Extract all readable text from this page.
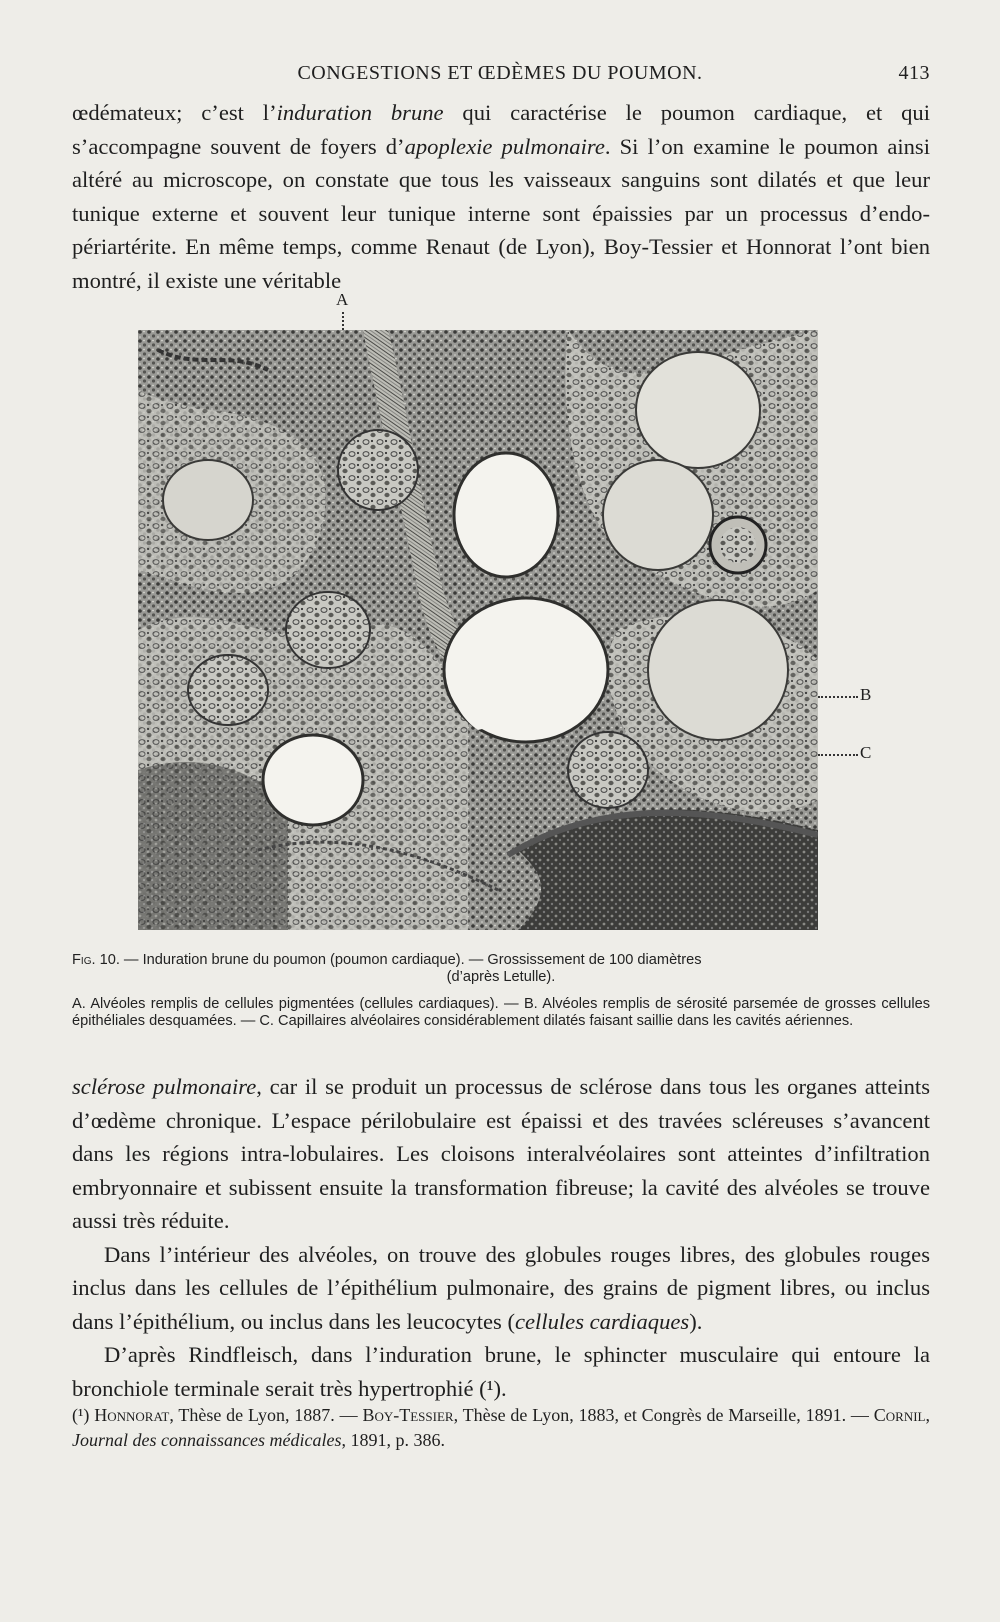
CONGESTIONS ET ŒDÈMES DU POUMON.	413

œdémateux; c’est l’induration brune qui caractérise le poumon cardiaque, et qui s’accompagne souvent de foyers d’apoplexie pulmonaire. Si l’on examine le poumon ainsi altéré au microscope, on constate que tous les vaisseaux sanguins sont dilatés et que leur tunique externe et souvent leur tunique interne sont épaissies par un processus d’endo-périartérite. En même temps, comme Renaut (de Lyon), Boy-Tessier et Honnorat l’ont bien montré, il existe une véritable

A
B
C
Fig. 10. — Induration brune du poumon (poumon cardiaque). — Grossissement de 100 diamètres
(d’après Letulle).
A. Alvéoles remplis de cellules pigmentées (cellules cardiaques). — B. Alvéoles remplis de sérosité parsemée de grosses cellules épithéliales desquamées. — C. Capillaires alvéolaires considérablement dilatés faisant saillie dans les cavités aériennes.

sclérose pulmonaire, car il se produit un processus de sclérose dans tous les organes atteints d’œdème chronique. L’espace périlobulaire est épaissi et des travées scléreuses s’avancent dans les régions intra-lobulaires. Les cloisons interalvéolaires sont atteintes d’infiltration embryonnaire et subissent ensuite la transformation fibreuse; la cavité des alvéoles se trouve aussi très réduite.

Dans l’intérieur des alvéoles, on trouve des globules rouges libres, des globules rouges inclus dans les cellules de l’épithélium pulmonaire, des grains de pigment libres, ou inclus dans l’épithélium, ou inclus dans les leucocytes (cellules cardiaques).

D’après Rindfleisch, dans l’induration brune, le sphincter musculaire qui entoure la bronchiole terminale serait très hypertrophié (¹).

(¹) Honnorat, Thèse de Lyon, 1887. — Boy-Tessier, Thèse de Lyon, 1883, et Congrès de Marseille, 1891. — Cornil, Journal des connaissances médicales, 1891, p. 386.
